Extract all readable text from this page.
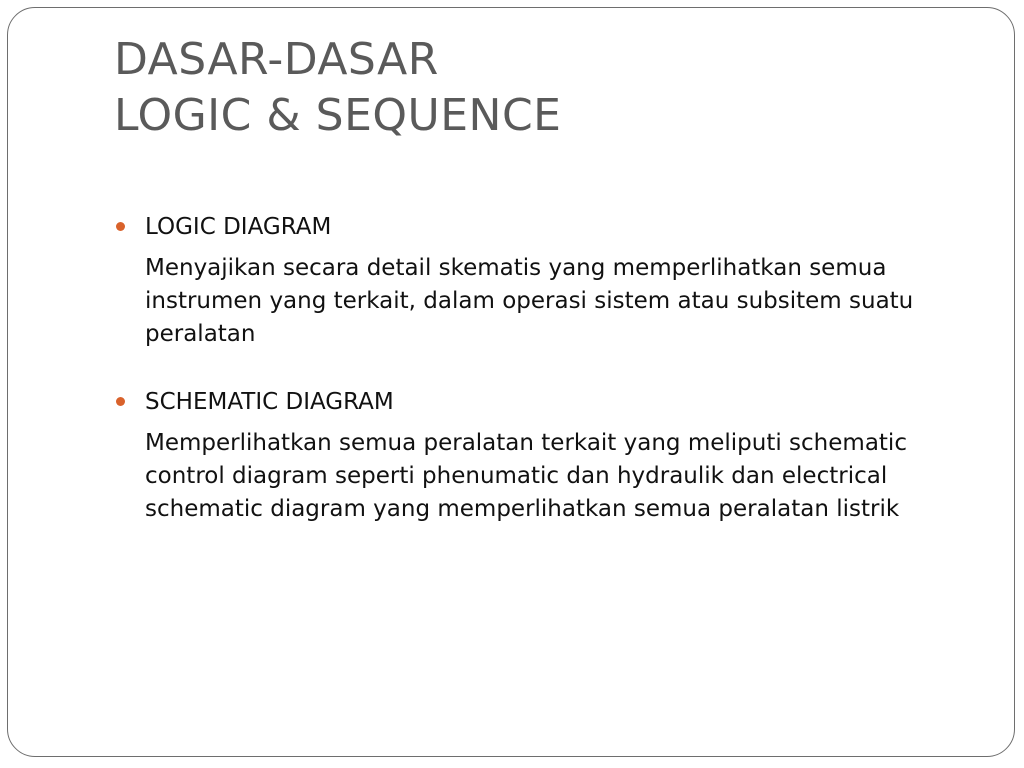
DASAR-DASAR
LOGIC & SEQUENCE
LOGIC DIAGRAM
Menyajikan secara detail skematis yang memperlihatkan semua instrumen yang terkait, dalam operasi sistem atau subsitem suatu peralatan
SCHEMATIC DIAGRAM
Memperlihatkan semua peralatan terkait yang meliputi schematic control diagram seperti phenumatic dan hydraulik dan electrical schematic diagram yang memperlihatkan semua peralatan listrik
